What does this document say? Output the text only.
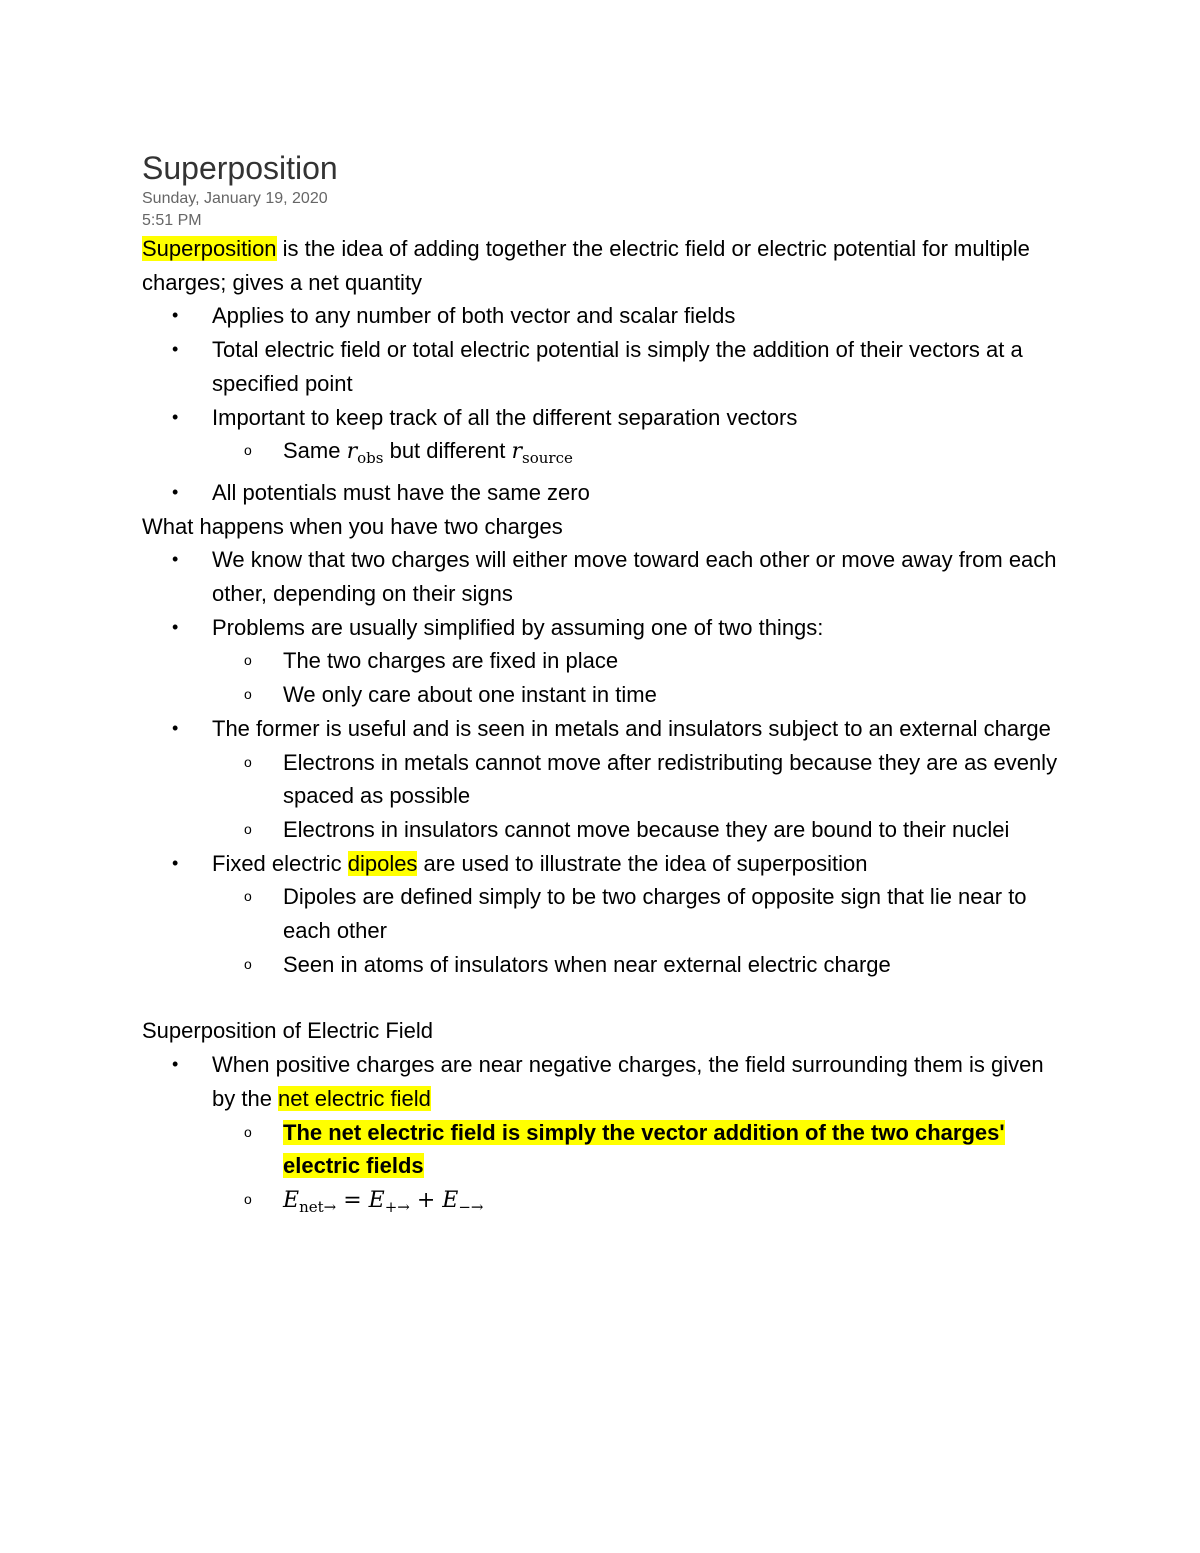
Superposition
Sunday, January 19, 2020
5:51 PM

Superposition is the idea of adding together the electric field or electric potential for multiple charges; gives a net quantity

• Applies to any number of both vector and scalar fields
• Total electric field or total electric potential is simply the addition of their vectors at a specified point
• Important to keep track of all the different separation vectors
o Same $r_{obs}$ but different $r_{source}$
• All potentials must have the same zero

What happens when you have two charges

• We know that two charges will either move toward each other or move away from each other, depending on their signs
• Problems are usually simplified by assuming one of two things:
o The two charges are fixed in place
o We only care about one instant in time
• The former is useful and is seen in metals and insulators subject to an external charge
o Electrons in metals cannot move after redistributing because they are as evenly spaced as possible
o Electrons in insulators cannot move because they are bound to their nuclei
• Fixed electric dipoles are used to illustrate the idea of superposition
o Dipoles are defined simply to be two charges of opposite sign that lie near to each other
o Seen in atoms of insulators when near external electric charge

Superposition of Electric Field

• When positive charges are near negative charges, the field surrounding them is given by the net electric field
o The net electric field is simply the vector addition of the two charges' electric fields
o $E_{net\to} = E_{+\to} + E_{-\to}$
